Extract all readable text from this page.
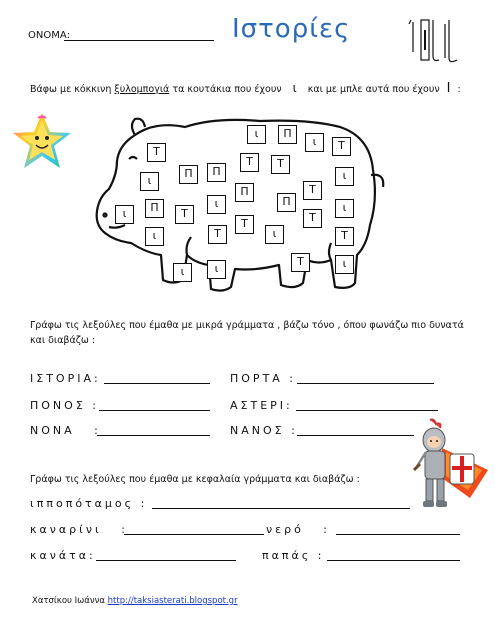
ΟΝΟΜΑ:	Ιστορίες
Βάφω με κόκκινη ξυλομπογιά τα κουτάκια που έχουν ι και με μπλε αυτά που έχουν Ι :
Τ
ι
ι
Π	Π
Τ
ι	Π
ι	Τ
Π	Τ
ι
Π
Τ
Τ
Π
ι
ι
Τ
Τ
ι	Τ	ι	Τ
ι
Τ
ι
ι
Γράφω τις λεξούλες που έμαθα με μικρά γράμματα , βάζω τόνο , όπου φωνάζω πιο δυνατά και διαβάζω :
ΙΣΤΟΡΙΑ:	ΠΟΡΤΑ :
ΠΟΝΟΣ :	ΑΣΤΕΡΙ:
ΝΟΝΑ   :	ΝΑΝΟΣ :
Γράφω τις λεξούλες που έμαθα με κεφαλαία γράμματα και διαβάζω :
ιπποπόταμος :
καναρίνι   :	νερό   :
κανάτα:	παπάς :
Χατσίκου Ιωάννα http://taksiasterati.blogspot.gr
